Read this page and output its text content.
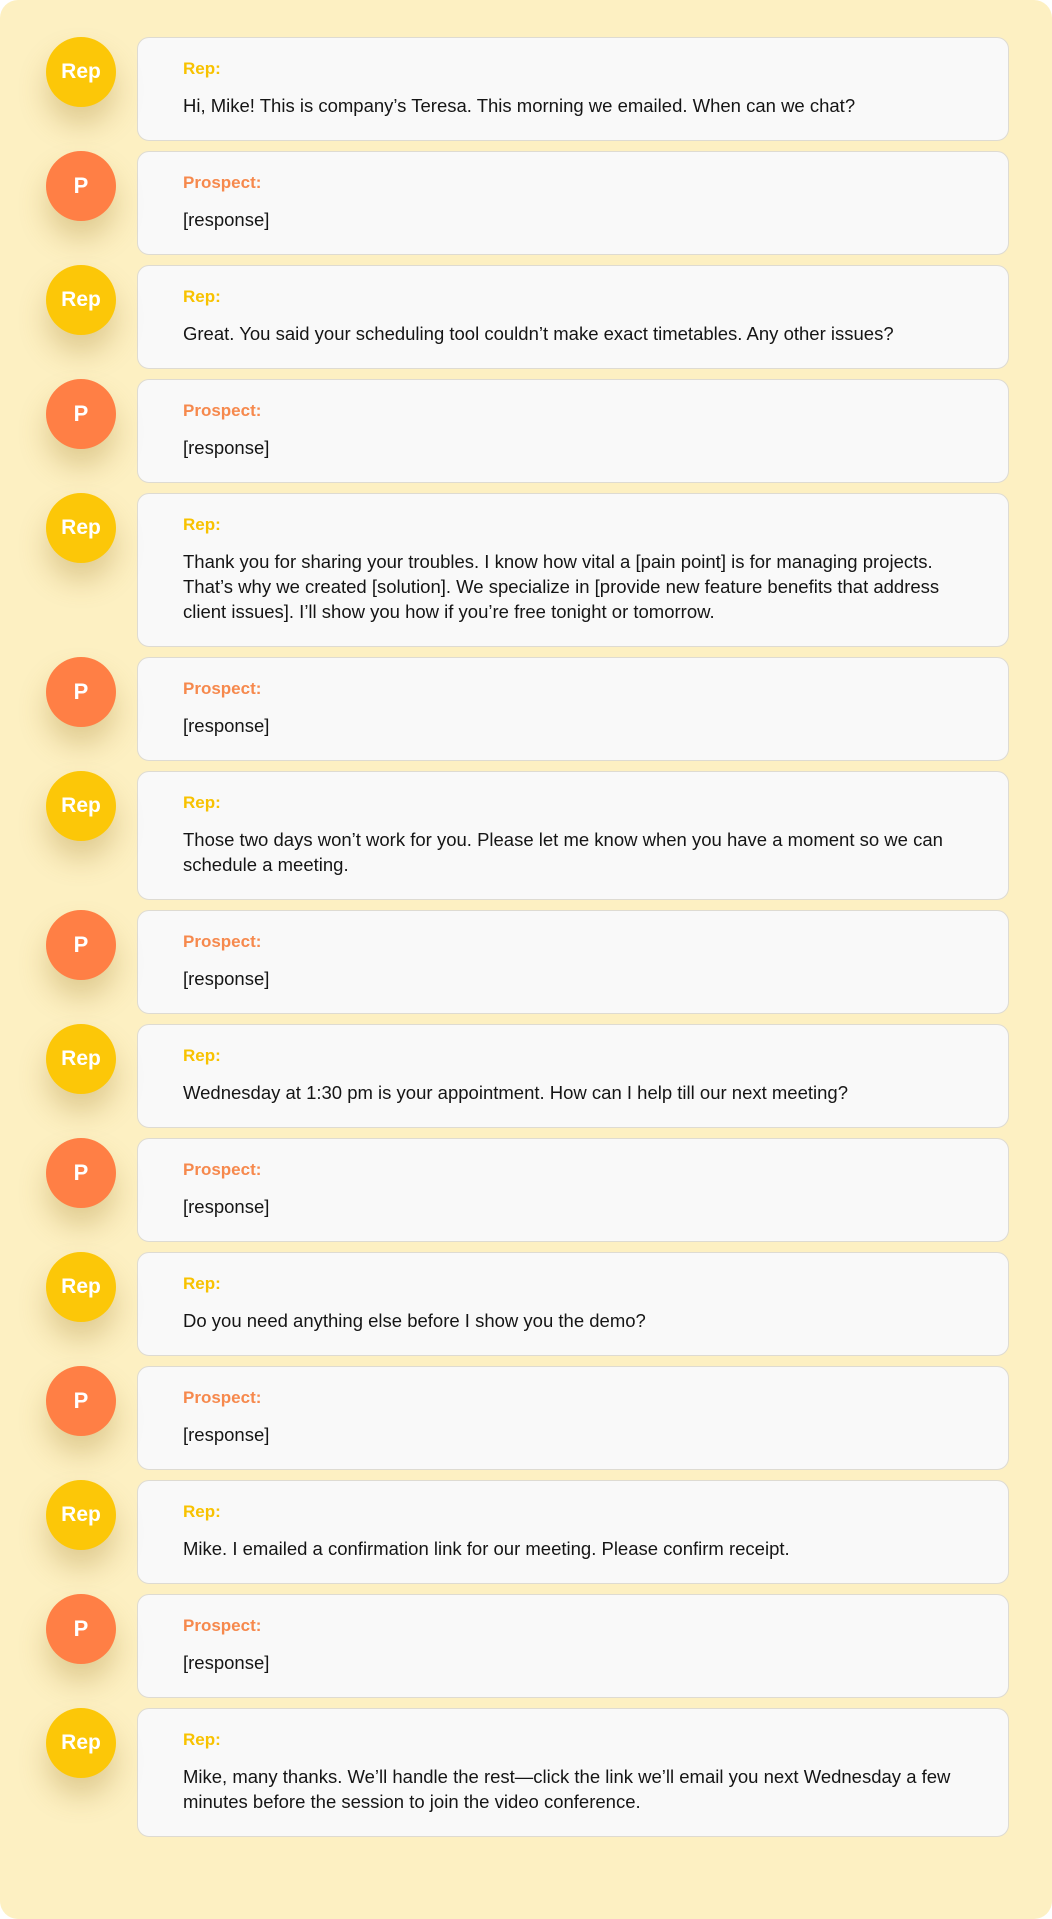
Rep	Rep:
Hi, Mike! This is company’s Teresa. This morning we emailed. When can we chat?
P	Prospect:
[response]
Rep	Rep:
Great. You said your scheduling tool couldn’t make exact timetables. Any other issues?
P	Prospect:
[response]
Rep	Rep:
Thank you for sharing your troubles. I know how vital a [pain point] is for managing projects. That’s why we created [solution]. We specialize in [provide new feature benefits that address client issues]. I’ll show you how if you’re free tonight or tomorrow.
P	Prospect:
[response]
Rep	Rep:
Those two days won’t work for you. Please let me know when you have a moment so we can schedule a meeting.
P	Prospect:
[response]
Rep	Rep:
Wednesday at 1:30 pm is your appointment. How can I help till our next meeting?
P	Prospect:
[response]
Rep	Rep:
Do you need anything else before I show you the demo?
P	Prospect:
[response]
Rep	Rep:
Mike. I emailed a confirmation link for our meeting. Please confirm receipt.
P	Prospect:
[response]
Rep	Rep:
Mike, many thanks. We’ll handle the rest—click the link we’ll email you next Wednesday a few minutes before the session to join the video conference.
